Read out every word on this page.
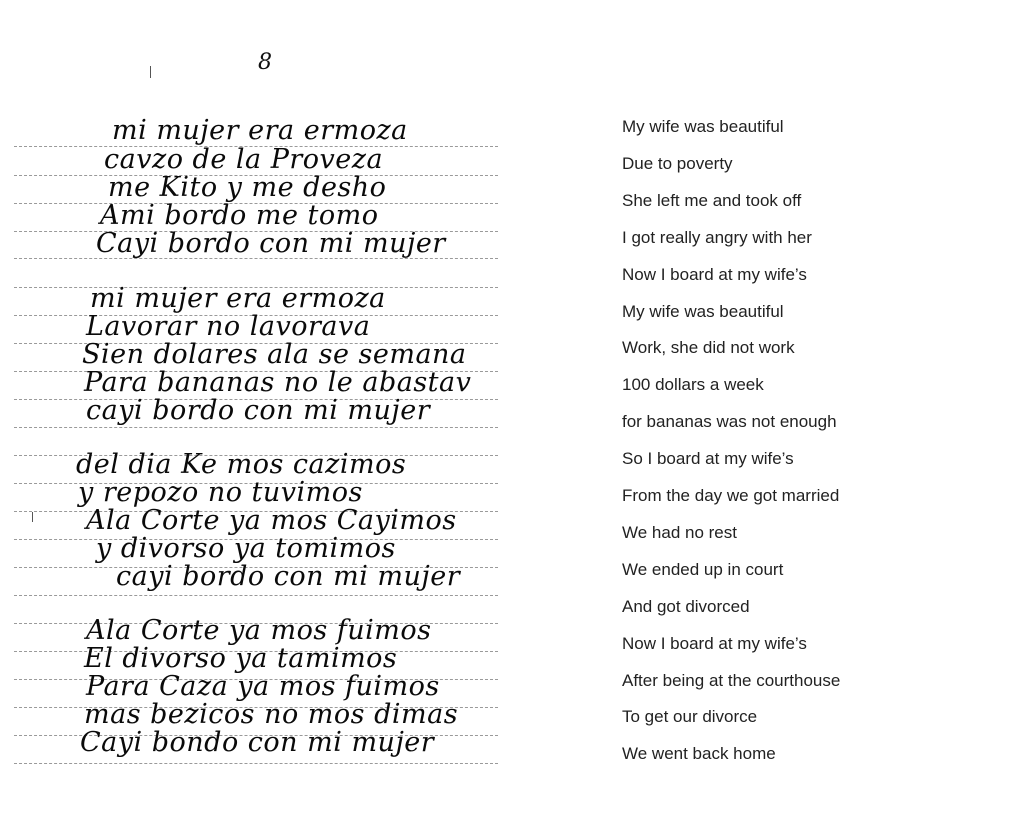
8
mi mujer era ermoza
cavzo de la Proveza
me Kito y me desho
Ami bordo me tomo
Cayi bordo con mi mujer
mi mujer era ermoza
Lavorar no lavorava
Sien dolares ala se semana
Para bananas no le abastav
cayi bordo con mi mujer
del dia Ke mos cazimos
y repozo no tuvimos
Ala Corte ya mos Cayimos
y divorso ya tomimos
cayi bordo con mi mujer
Ala Corte ya mos fuimos
El divorso ya tamimos
Para Caza ya mos fuimos
mas bezicos no mos dimas
Cayi bondo con mi mujer
My wife was beautiful
Due to poverty
She left me and took off
I got really angry with her
Now I board at my wife’s
My wife was beautiful
Work, she did not work
100 dollars a week
for bananas was not enough
So I board at my wife’s
From the day we got married
We had no rest
We ended up in court
And got divorced
Now I board at my wife’s
After being at the courthouse
To get our divorce
We went back home
